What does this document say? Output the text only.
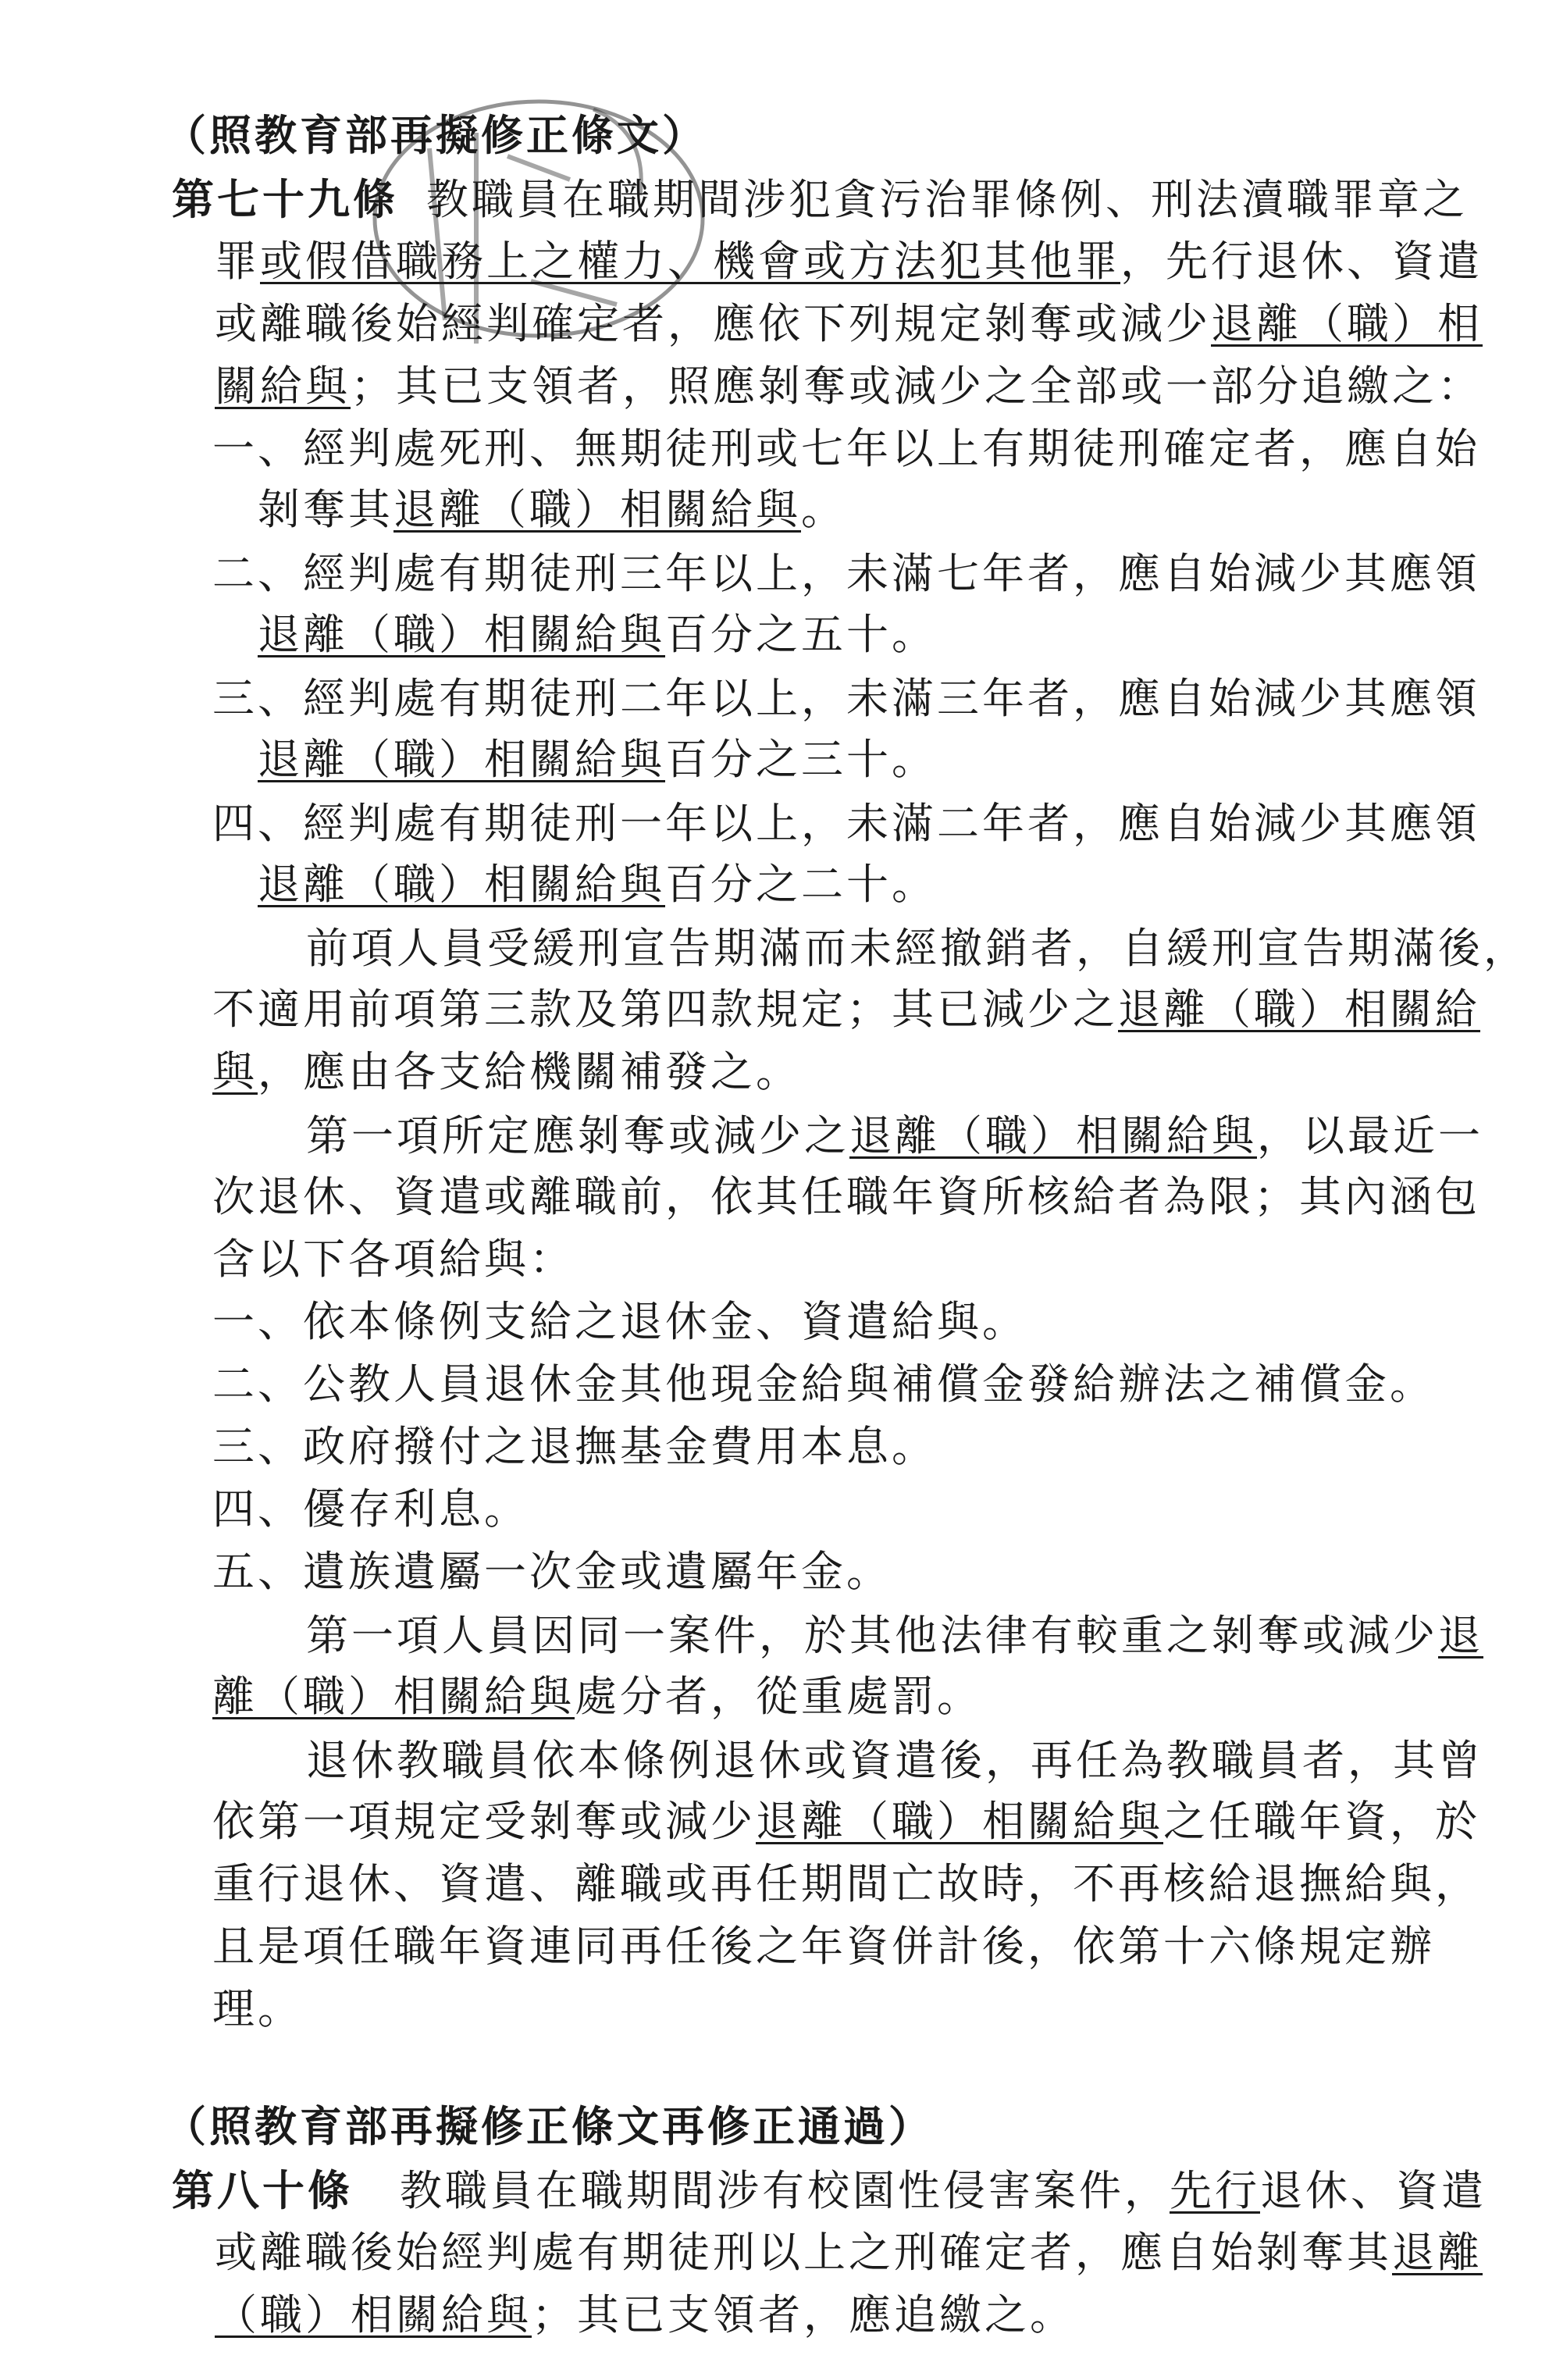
（照教育部再擬修正條文）
第七十九條 教職員在職期間涉犯貪污治罪條例、刑法瀆職罪章之
罪或假借職務上之權力、機會或方法犯其他罪，先行退休、資遣
或離職後始經判確定者，應依下列規定剝奪或減少退離（職）相
關給與；其已支領者，照應剝奪或減少之全部或一部分追繳之：
一、經判處死刑、無期徒刑或七年以上有期徒刑確定者，應自始
剝奪其退離（職）相關給與。
二、經判處有期徒刑三年以上，未滿七年者，應自始減少其應領
退離（職）相關給與百分之五十。
三、經判處有期徒刑二年以上，未滿三年者，應自始減少其應領
退離（職）相關給與百分之三十。
四、經判處有期徒刑一年以上，未滿二年者，應自始減少其應領
退離（職）相關給與百分之二十。
前項人員受緩刑宣告期滿而未經撤銷者，自緩刑宣告期滿後，
不適用前項第三款及第四款規定；其已減少之退離（職）相關給
與，應由各支給機關補發之。
第一項所定應剝奪或減少之退離（職）相關給與，以最近一
次退休、資遣或離職前，依其任職年資所核給者為限；其內涵包
含以下各項給與：
一、依本條例支給之退休金、資遣給與。
二、公教人員退休金其他現金給與補償金發給辦法之補償金。
三、政府撥付之退撫基金費用本息。
四、優存利息。
五、遺族遺屬一次金或遺屬年金。
第一項人員因同一案件，於其他法律有較重之剝奪或減少退
離（職）相關給與處分者，從重處罰。
退休教職員依本條例退休或資遣後，再任為教職員者，其曾
依第一項規定受剝奪或減少退離（職）相關給與之任職年資，於
重行退休、資遣、離職或再任期間亡故時，不再核給退撫給與，
且是項任職年資連同再任後之年資併計後，依第十六條規定辦
理。
（照教育部再擬修正條文再修正通過）
第八十條 教職員在職期間涉有校園性侵害案件，先行退休、資遣
或離職後始經判處有期徒刑以上之刑確定者，應自始剝奪其退離
（職）相關給與；其已支領者，應追繳之。
